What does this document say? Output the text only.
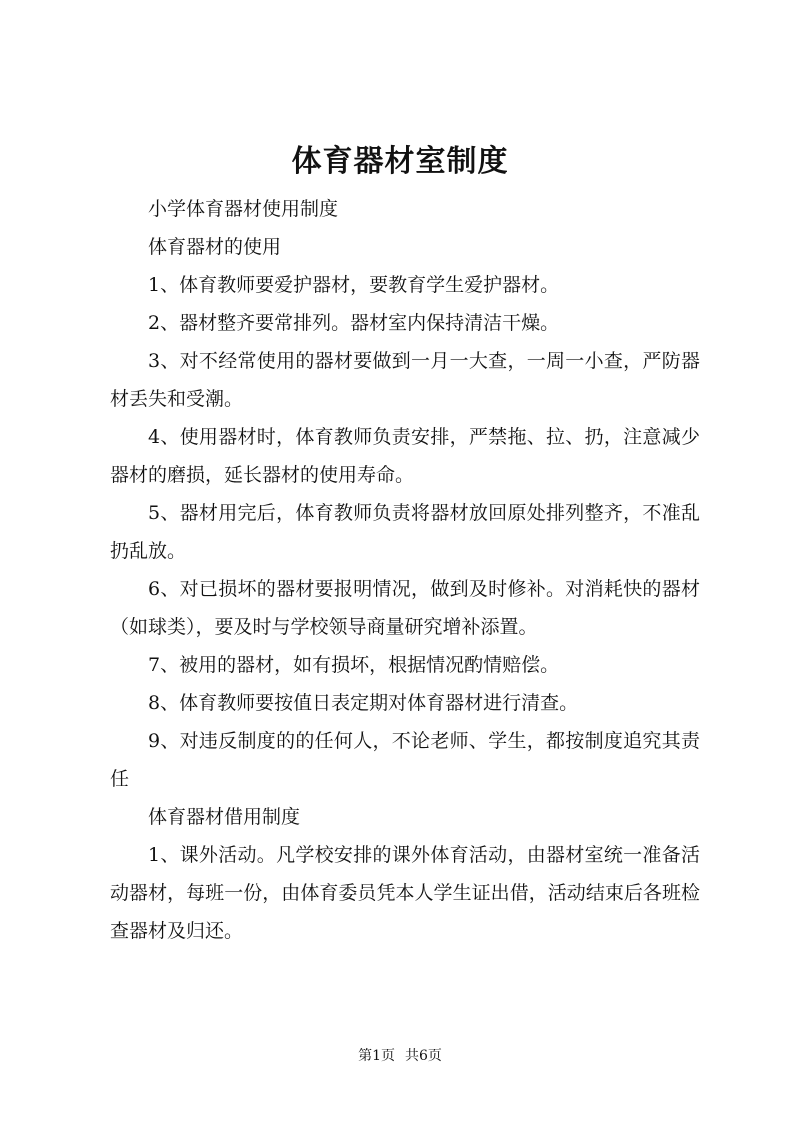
体育器材室制度

小学体育器材使用制度

体育器材的使用

1、体育教师要爱护器材，要教育学生爱护器材。

2、器材整齐要常排列。器材室内保持清洁干燥。

3、对不经常使用的器材要做到一月一大查，一周一小查，严防器材丢失和受潮。

4、使用器材时，体育教师负责安排，严禁拖、拉、扔，注意减少器材的磨损，延长器材的使用寿命。

5、器材用完后，体育教师负责将器材放回原处排列整齐，不准乱扔乱放。

6、对已损坏的器材要报明情况，做到及时修补。对消耗快的器材（如球类），要及时与学校领导商量研究增补添置。

7、被用的器材，如有损坏，根据情况酌情赔偿。

8、体育教师要按值日表定期对体育器材进行清查。

9、对违反制度的的任何人，不论老师、学生，都按制度追究其责任

体育器材借用制度

1、课外活动。凡学校安排的课外体育活动，由器材室统一准备活动器材，每班一份，由体育委员凭本人学生证出借，活动结束后各班检查器材及归还。

第1页 共6页
